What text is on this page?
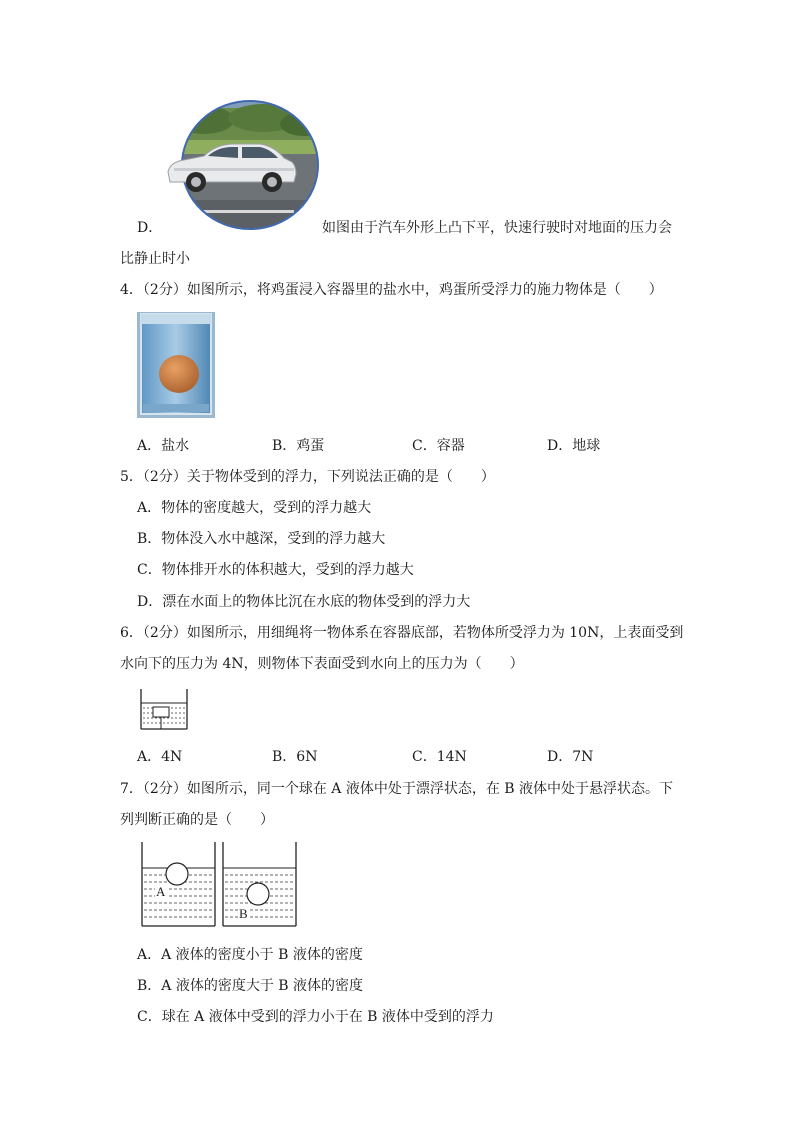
D．	如图由于汽车外形上凸下平，快速行驶时对地面的压力会
比静止时小
4．（2分）如图所示，将鸡蛋浸入容器里的盐水中，鸡蛋所受浮力的施力物体是（　　）
A．盐水	B．鸡蛋	C．容器	D．地球
5．（2分）关于物体受到的浮力，下列说法正确的是（　　）
A．物体的密度越大，受到的浮力越大
B．物体没入水中越深，受到的浮力越大
C．物体排开水的体积越大，受到的浮力越大
D．漂在水面上的物体比沉在水底的物体受到的浮力大
6．（2分）如图所示，用细绳将一物体系在容器底部，若物体所受浮力为 10N，上表面受到
水向下的压力为 4N，则物体下表面受到水向上的压力为（　　）
A．4N	B．6N	C．14N	D．7N
7．（2分）如图所示，同一个球在 A 液体中处于漂浮状态，在 B 液体中处于悬浮状态。下
列判断正确的是（　　）
A
B
A．A 液体的密度小于 B 液体的密度
B．A 液体的密度大于 B 液体的密度
C．球在 A 液体中受到的浮力小于在 B 液体中受到的浮力
